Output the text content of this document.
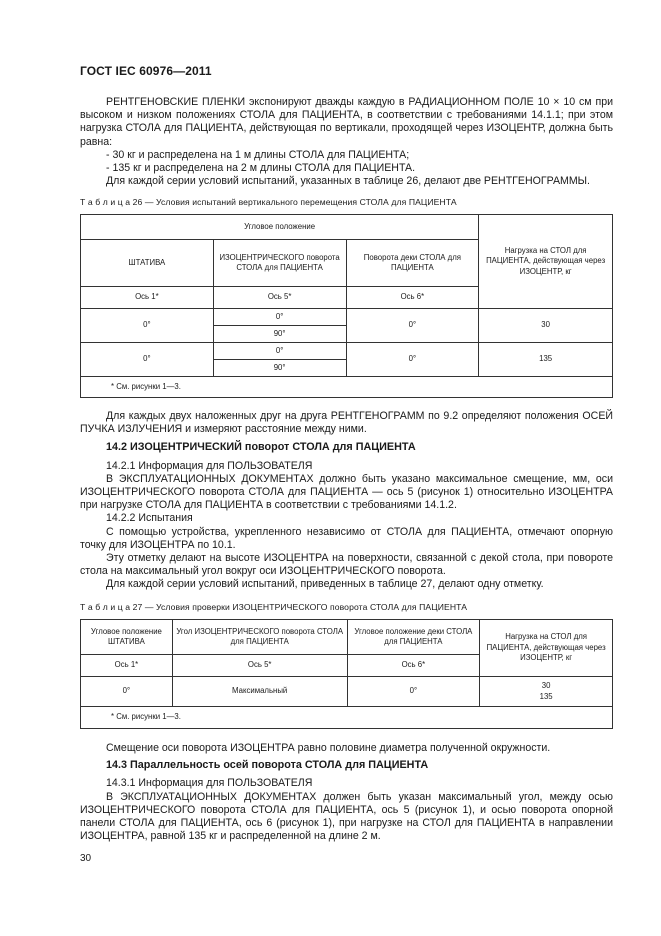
ГОСТ IEC 60976—2011

РЕНТГЕНОВСКИЕ ПЛЕНКИ экспонируют дважды каждую в РАДИАЦИОННОМ ПОЛЕ 10 × 10 см при высоком и низком положениях СТОЛА для ПАЦИЕНТА, в соответствии с требованиями 14.1.1; при этом нагрузка СТОЛА для ПАЦИЕНТА, действующая по вертикали, проходящей через ИЗОЦЕНТР, должна быть равна:

- 30 кг и распределена на 1 м длины СТОЛА для ПАЦИЕНТА;

- 135 кг и распределена на 2 м длины СТОЛА для ПАЦИЕНТА.

Для каждой серии условий испытаний, указанных в таблице 26, делают две РЕНТГЕНОГРАММЫ.

Т а б л и ц а 26 — Условия испытаний вертикального перемещения СТОЛА для ПАЦИЕНТА
Угловое положение			Нагрузка на СТОЛ для ПАЦИЕНТА, действующая через ИЗОЦЕНТР, кг
ШТАТИВА	ИЗОЦЕНТРИЧЕСКОГО поворота СТОЛА для ПАЦИЕНТА	Поворота деки СТОЛА для ПАЦИЕНТА	
Ось 1*	Ось 5*	Ось 6*	
0°	0°	0°	30
	90°		
0°	0°	0°	135
	90°		
* См. рисунки 1—3.			

Для каждых двух наложенных друг на друга РЕНТГЕНОГРАММ по 9.2 определяют положения ОСЕЙ ПУЧКА ИЗЛУЧЕНИЯ и измеряют расстояние между ними.

14.2 ИЗОЦЕНТРИЧЕСКИЙ поворот СТОЛА для ПАЦИЕНТА

14.2.1 Информация для ПОЛЬЗОВАТЕЛЯ

В ЭКСПЛУАТАЦИОННЫХ ДОКУМЕНТАХ должно быть указано максимальное смещение, мм, оси ИЗОЦЕНТРИЧЕСКОГО поворота СТОЛА для ПАЦИЕНТА — ось 5 (рисунок 1) относительно ИЗОЦЕНТРА при нагрузке СТОЛА для ПАЦИЕНТА в соответствии с требованиями 14.1.2.

14.2.2 Испытания

С помощью устройства, укрепленного независимо от СТОЛА для ПАЦИЕНТА, отмечают опорную точку для ИЗОЦЕНТРА по 10.1.

Эту отметку делают на высоте ИЗОЦЕНТРА на поверхности, связанной с декой стола, при повороте стола на максимальный угол вокруг оси ИЗОЦЕНТРИЧЕСКОГО поворота.

Для каждой серии условий испытаний, приведенных в таблице 27, делают одну отметку.

Т а б л и ц а 27 — Условия проверки ИЗОЦЕНТРИЧЕСКОГО поворота СТОЛА для ПАЦИЕНТА
Угловое положение ШТАТИВА	Угол ИЗОЦЕНТРИЧЕСКОГО поворота СТОЛА для ПАЦИЕНТА	Угловое положение деки СТОЛА для ПАЦИЕНТА	Нагрузка на СТОЛ для ПАЦИЕНТА, действующая через ИЗОЦЕНТР, кг
Ось 1*	Ось 5*	Ось 6*	
0°	Максимальный	0°	30
135

* См. рисунки 1—3.			

Смещение оси поворота ИЗОЦЕНТРА равно половине диаметра полученной окружности.

14.3 Параллельность осей поворота СТОЛА для ПАЦИЕНТА

14.3.1 Информация для ПОЛЬЗОВАТЕЛЯ

В ЭКСПЛУАТАЦИОННЫХ ДОКУМЕНТАХ должен быть указан максимальный угол, между осью ИЗОЦЕНТРИЧЕСКОГО поворота СТОЛА для ПАЦИЕНТА, ось 5 (рисунок 1), и осью поворота опорной панели СТОЛА для ПАЦИЕНТА, ось 6 (рисунок 1), при нагрузке на СТОЛ для ПАЦИЕНТА в направлении ИЗОЦЕНТРА, равной 135 кг и распределенной на длине 2 м.

30
